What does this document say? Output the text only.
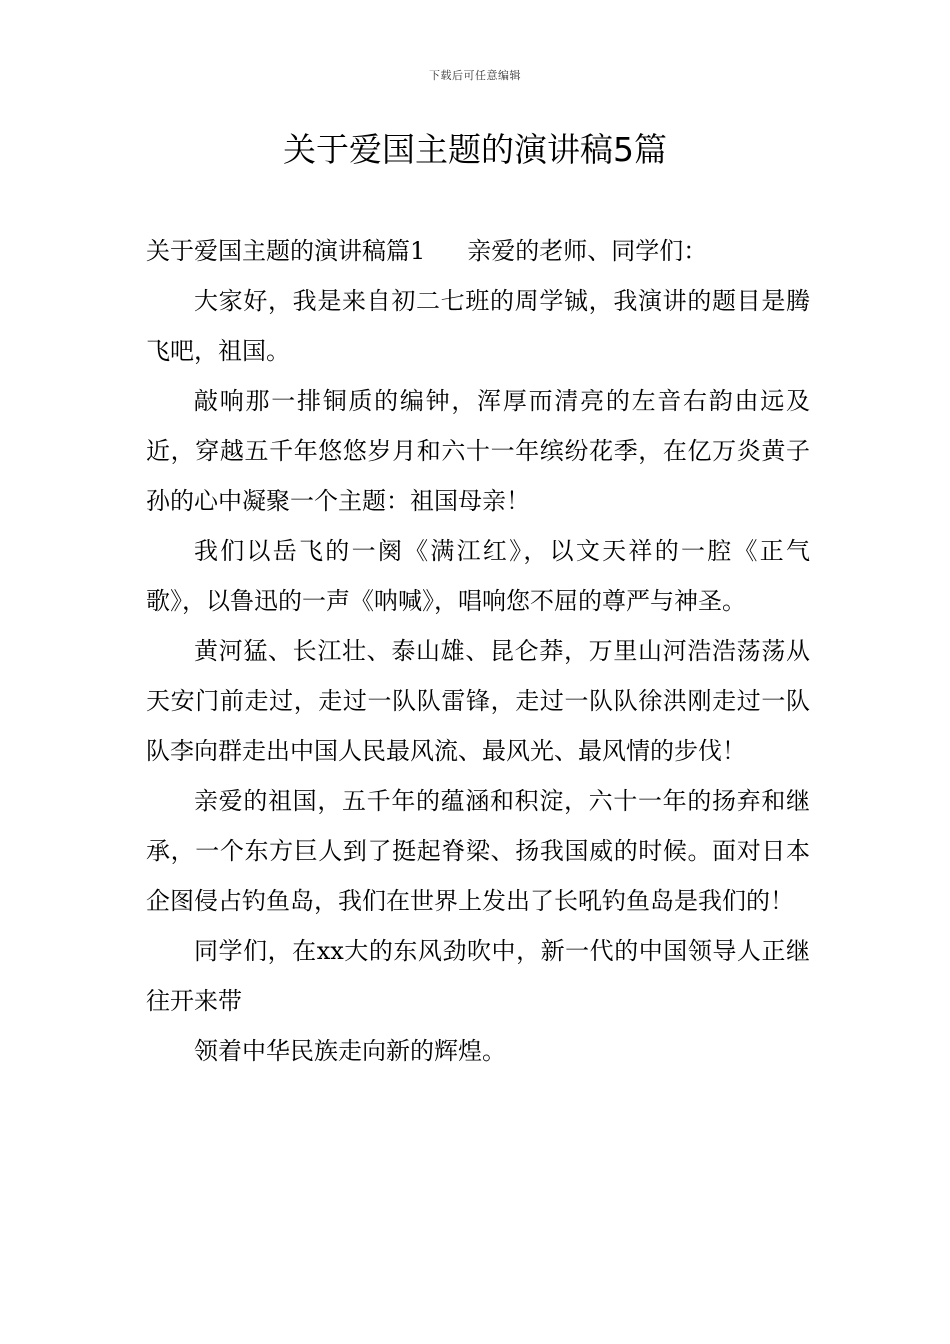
下载后可任意编辑
关于爱国主题的演讲稿5篇

关于爱国主题的演讲稿篇1 亲爱的老师、同学们：

大家好，我是来自初二七班的周学铖，我演讲的题目是腾飞吧，祖国。

敲响那一排铜质的编钟，浑厚而清亮的左音右韵由远及近，穿越五千年悠悠岁月和六十一年缤纷花季，在亿万炎黄子孙的心中凝聚一个主题：祖国母亲！

我们以岳飞的一阕《满江红》，以文天祥的一腔《正气歌》，以鲁迅的一声《呐喊》，唱响您不屈的尊严与神圣。

黄河猛、长江壮、泰山雄、昆仑莽，万里山河浩浩荡荡从天安门前走过，走过一队队雷锋，走过一队队徐洪刚走过一队队李向群走出中国人民最风流、最风光、最风情的步伐！

亲爱的祖国，五千年的蕴涵和积淀，六十一年的扬弃和继承，一个东方巨人到了挺起脊梁、扬我国威的时候。面对日本企图侵占钓鱼岛，我们在世界上发出了长吼钓鱼岛是我们的！

同学们，在xx大的东风劲吹中，新一代的中国领导人正继往开来带

领着中华民族走向新的辉煌。
